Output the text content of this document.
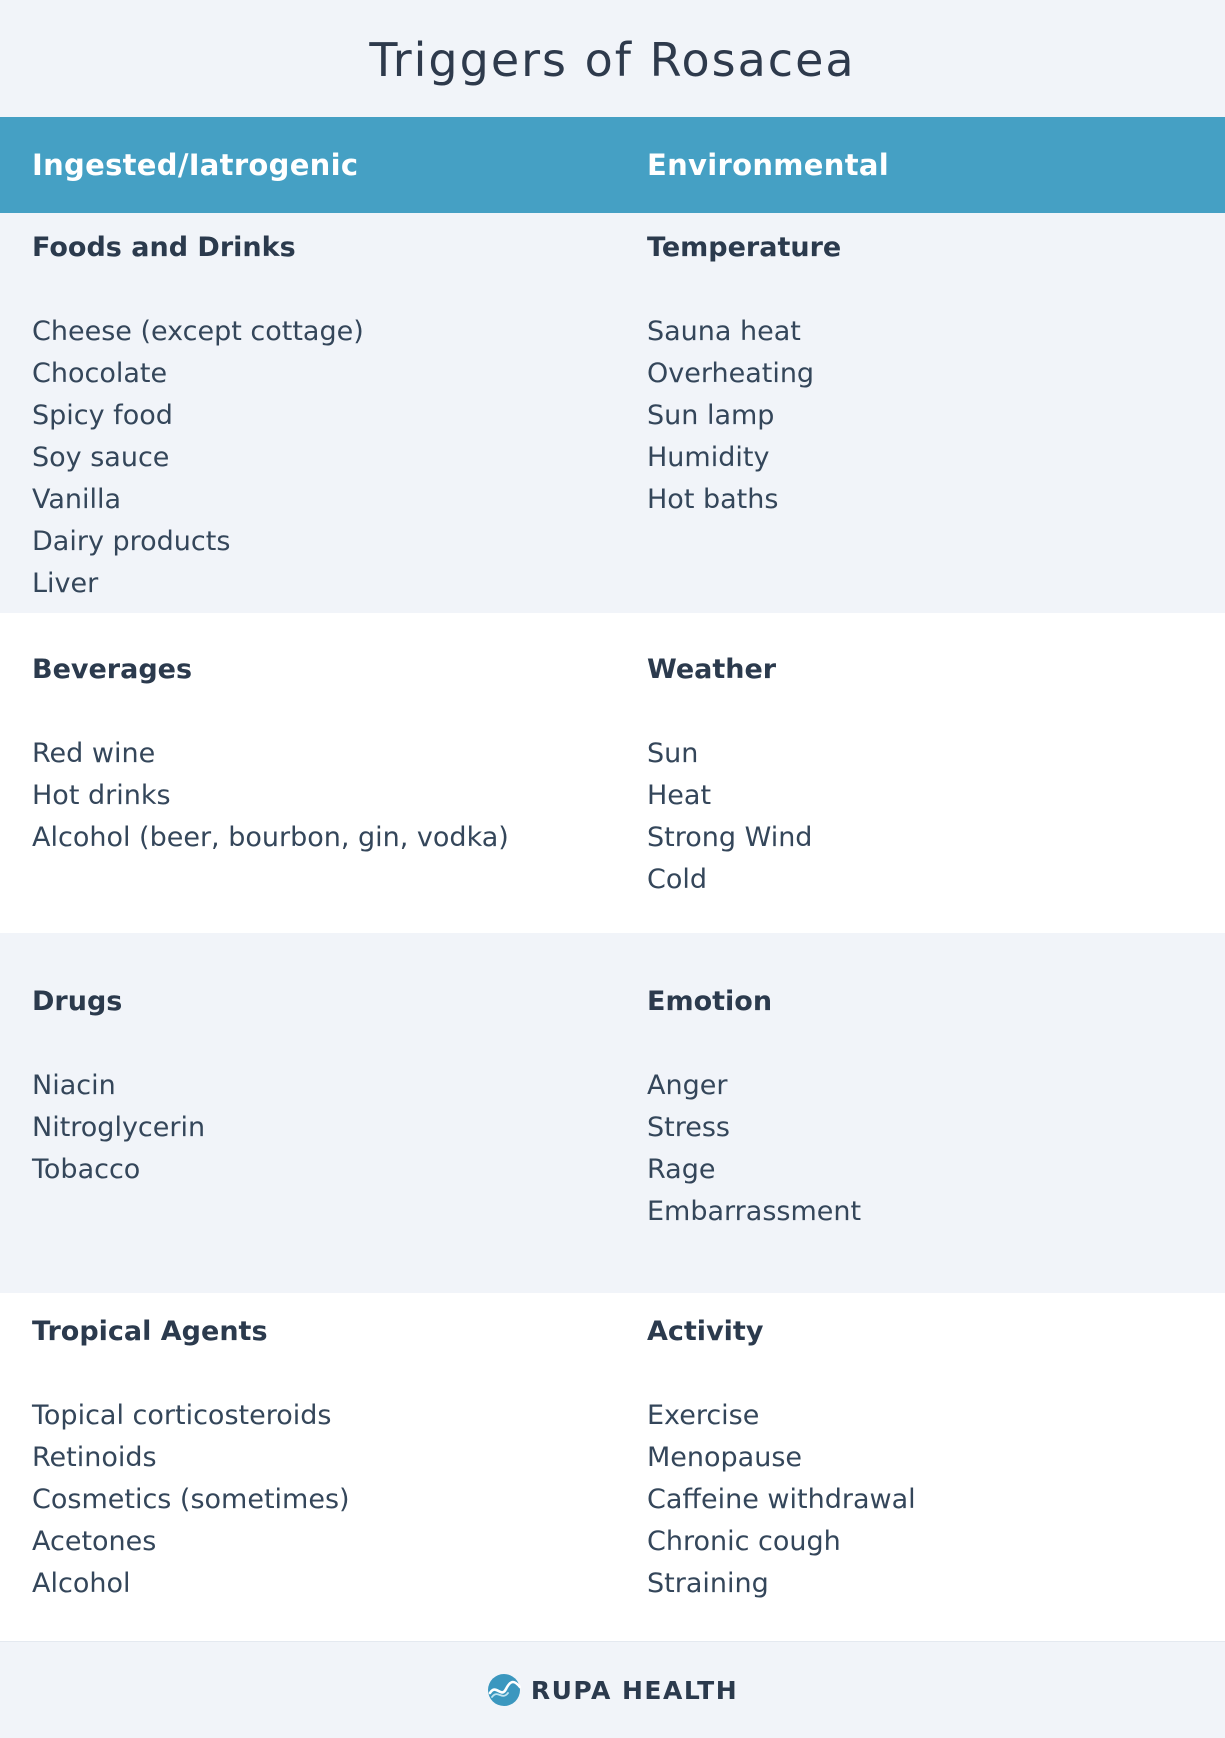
Triggers of Rosacea
Ingested/Iatrogenic	Environmental
Foods and Drinks
Cheese (except cottage)
Chocolate
Spicy food
Soy sauce
Vanilla
Dairy products
Liver
Temperature
Sauna heat
Overheating
Sun lamp
Humidity
Hot baths
Beverages
Red wine
Hot drinks
Alcohol (beer, bourbon, gin, vodka)
Weather
Sun
Heat
Strong Wind
Cold
Drugs
Niacin
Nitroglycerin
Tobacco
Emotion
Anger
Stress
Rage
Embarrassment
Tropical Agents
Topical corticosteroids
Retinoids
Cosmetics (sometimes)
Acetones
Alcohol
Activity
Exercise
Menopause
Caffeine withdrawal
Chronic cough
Straining
RUPA HEALTH
